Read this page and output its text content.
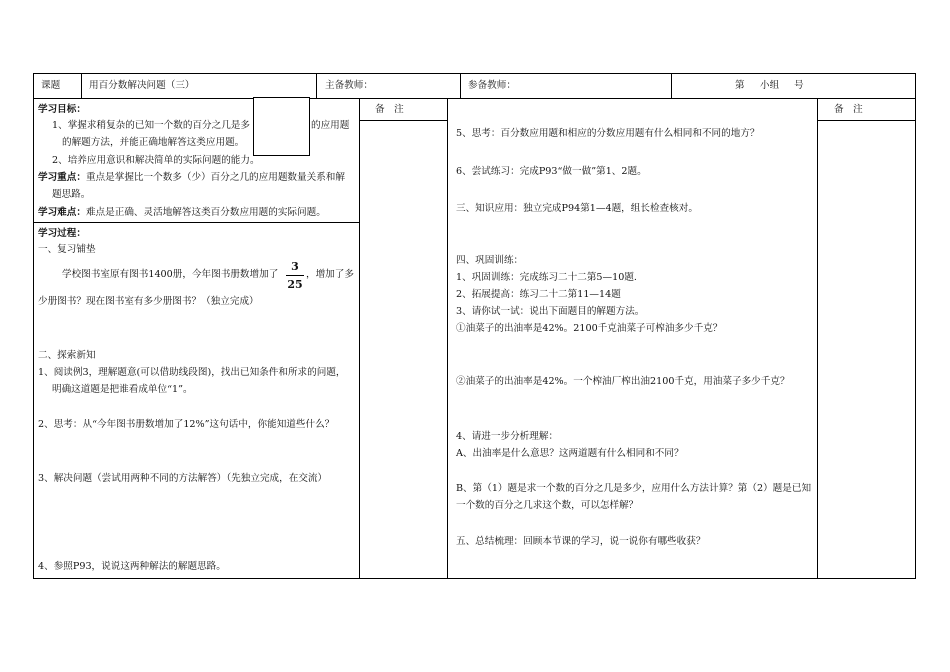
课题	用百分数解决问题（三）	主备教师：	参备教师：	第 小组 号
备　注	备　注
学习目标：
1、掌握求稍复杂的已知一个数的百分之几是多	的应用题
的解题方法，并能正确地解答这类应用题。
2、培养应用意识和解决简单的实际问题的能力。
学习重点：重点是掌握比一个数多（少）百分之几的应用题数量关系和解
题思路。
学习难点：难点是正确、灵活地解答这类百分数应用题的实际问题。
学习过程：
一、复习铺垫
学校图书室原有图书1400册，今年图书册数增加了
3
25
，增加了多
少册图书？现在图书室有多少册图书？（独立完成）
二、探索新知
1、阅读例3，理解题意(可以借助线段图)，找出已知条件和所求的问题，
明确这道题是把谁看成单位“1”。
2、思考：从“今年图书册数增加了12%”这句话中，你能知道些什么？
3、解决问题（尝试用两种不同的方法解答）（先独立完成，在交流）
4、参照P93，说说这两种解法的解题思路。
5、思考：百分数应用题和相应的分数应用题有什么相同和不同的地方？
6、尝试练习：完成P93“做一做”第1、2题。
三、知识应用：独立完成P94第1—4题，组长检查核对。
四、巩固训练：
1、巩固训练：完成练习二十二第5—10题.
2、拓展提高：练习二十二第11—14题
3、请你试一试：说出下面题目的解题方法。
①油菜子的出油率是42%。2100千克油菜子可榨油多少千克？
②油菜子的出油率是42%。一个榨油厂榨出油2100千克，用油菜子多少千克？
4、请进一步分析理解：
A、出油率是什么意思？这两道题有什么相同和不同？
B、第（1）题是求一个数的百分之几是多少，应用什么方法计算？第（2）题是已知
一个数的百分之几求这个数，可以怎样解？
五、总结梳理：回顾本节课的学习，说一说你有哪些收获？
